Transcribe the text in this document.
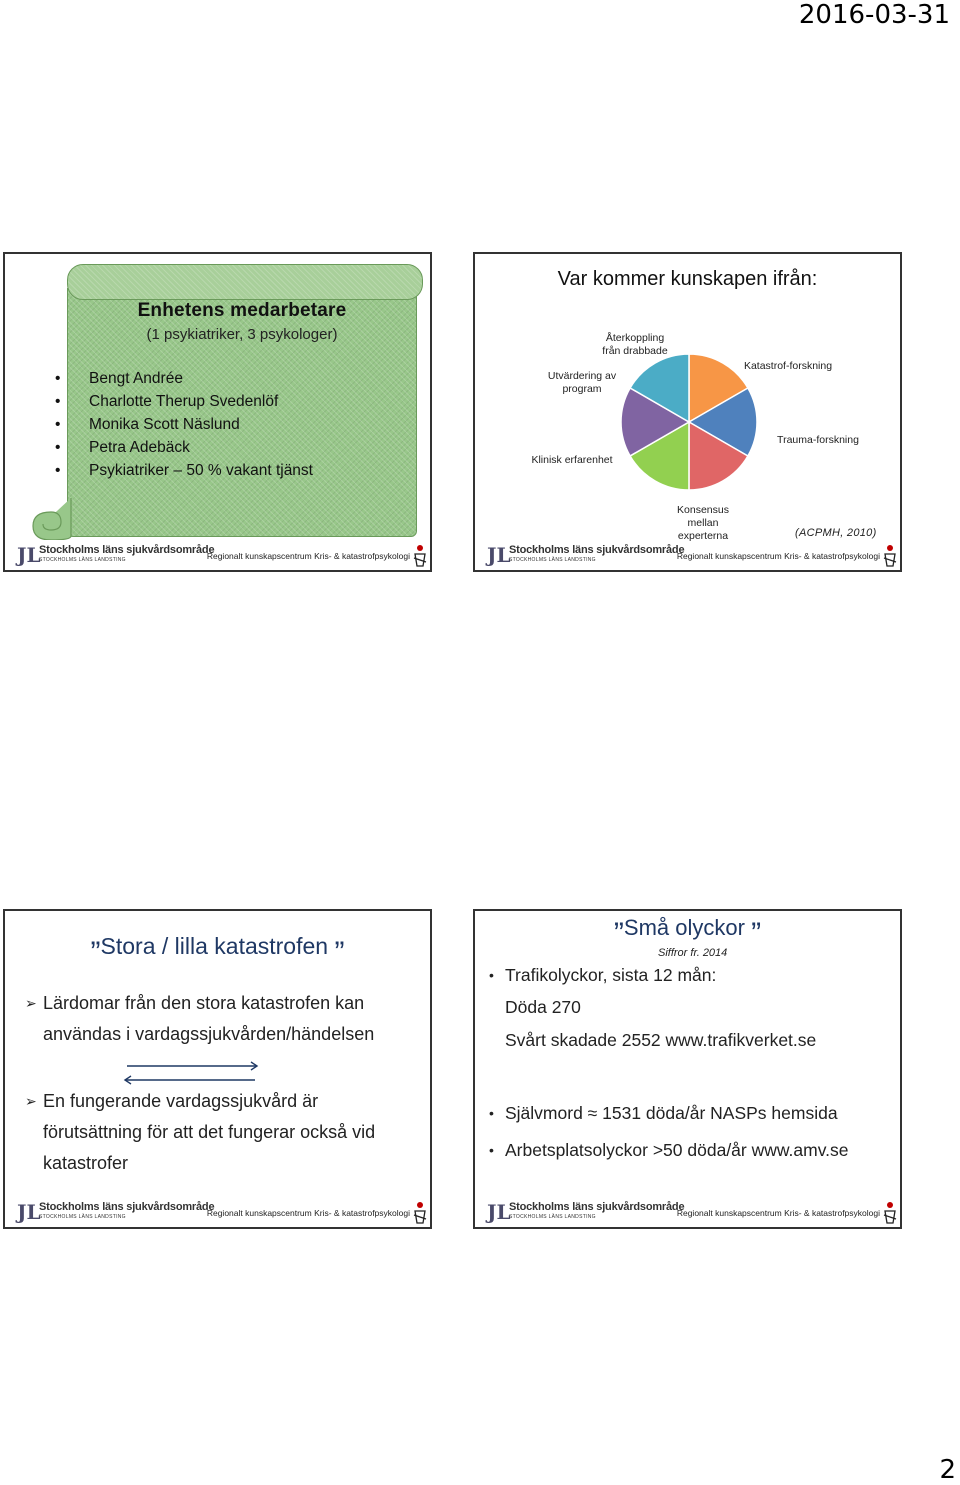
2016-03-31
Enhetens medarbetare
(1 psykiatriker, 3 psykologer)
• Bengt Andrée
• Charlotte Therup Svedenlöf
• Monika Scott Näslund
• Petra Adebäck
• Psykiatriker – 50 % vakant tjänst
JL
Stockholms läns sjukvårdsområde
STOCKHOLMS LÄNS LANDSTING	Regionalt kunskapscentrum Kris- & katastrofpsykologi
Var kommer kunskapen ifrån:
Återkoppling
från drabbade
Katastrof-forskning
Trauma-forskning
Konsensus
mellan
experterna
Klinisk erfarenhet
Utvärdering av
program
(ACPMH, 2010)
JL
Stockholms läns sjukvårdsområde
STOCKHOLMS LÄNS LANDSTING	Regionalt kunskapscentrum Kris- & katastrofpsykologi
”Stora / lilla katastrofen ”
➢ Lärdomar från den stora katastrofen kan
användas i vardagssjukvården/händelsen
➢ En fungerande vardagssjukvård är
förutsättning för att det fungerar också vid
katastrofer
JL
Stockholms läns sjukvårdsområde
STOCKHOLMS LÄNS LANDSTING	Regionalt kunskapscentrum Kris- & katastrofpsykologi
”Små olyckor ”
Siffror fr. 2014
• Trafikolyckor, sista 12 mån:
Döda 270
Svårt skadade 2552 www.trafikverket.se
• Självmord ≈ 1531 döda/år NASPs hemsida
• Arbetsplatsolyckor >50 döda/år www.amv.se
JL
Stockholms läns sjukvårdsområde
STOCKHOLMS LÄNS LANDSTING	Regionalt kunskapscentrum Kris- & katastrofpsykologi
2
